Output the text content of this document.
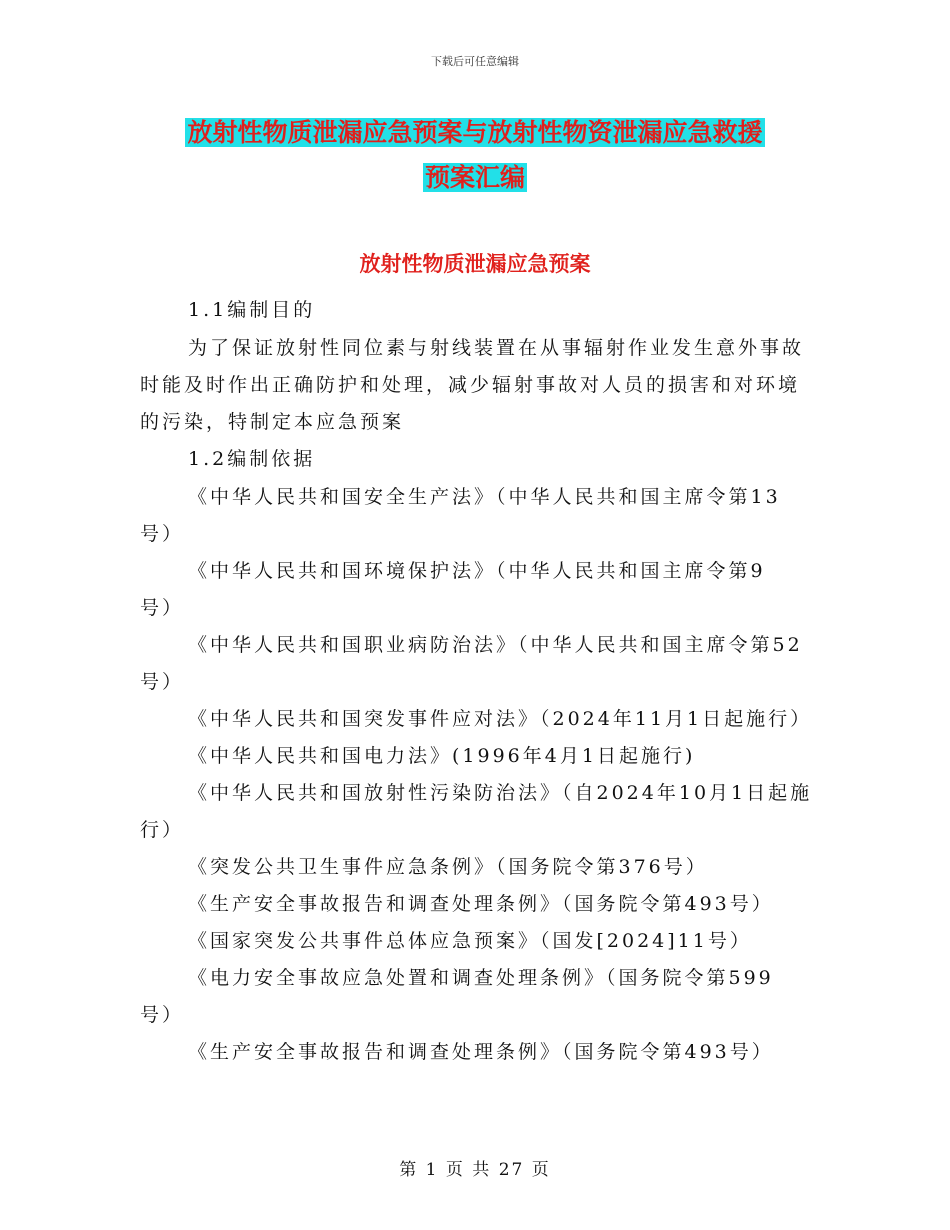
下载后可任意编辑
放射性物质泄漏应急预案与放射性物资泄漏应急救援
预案汇编
放射性物质泄漏应急预案
1.1编制目的
为了保证放射性同位素与射线装置在从事辐射作业发生意外事故
时能及时作出正确防护和处理，减少辐射事故对人员的损害和对环境
的污染，特制定本应急预案
1.2编制依据
《中华人民共和国安全生产法》（中华人民共和国主席令第13
号）
《中华人民共和国环境保护法》（中华人民共和国主席令第9
号）
《中华人民共和国职业病防治法》（中华人民共和国主席令第52
号）
《中华人民共和国突发事件应对法》（2024年11月1日起施行）
《中华人民共和国电力法》(1996年4月1日起施行)
《中华人民共和国放射性污染防治法》（自2024年10月1日起施
行）
《突发公共卫生事件应急条例》（国务院令第376号）
《生产安全事故报告和调查处理条例》（国务院令第493号）
《国家突发公共事件总体应急预案》（国发[2024]11号）
《电力安全事故应急处置和调查处理条例》（国务院令第599
号）
《生产安全事故报告和调查处理条例》（国务院令第493号）
第 1 页 共 27 页
